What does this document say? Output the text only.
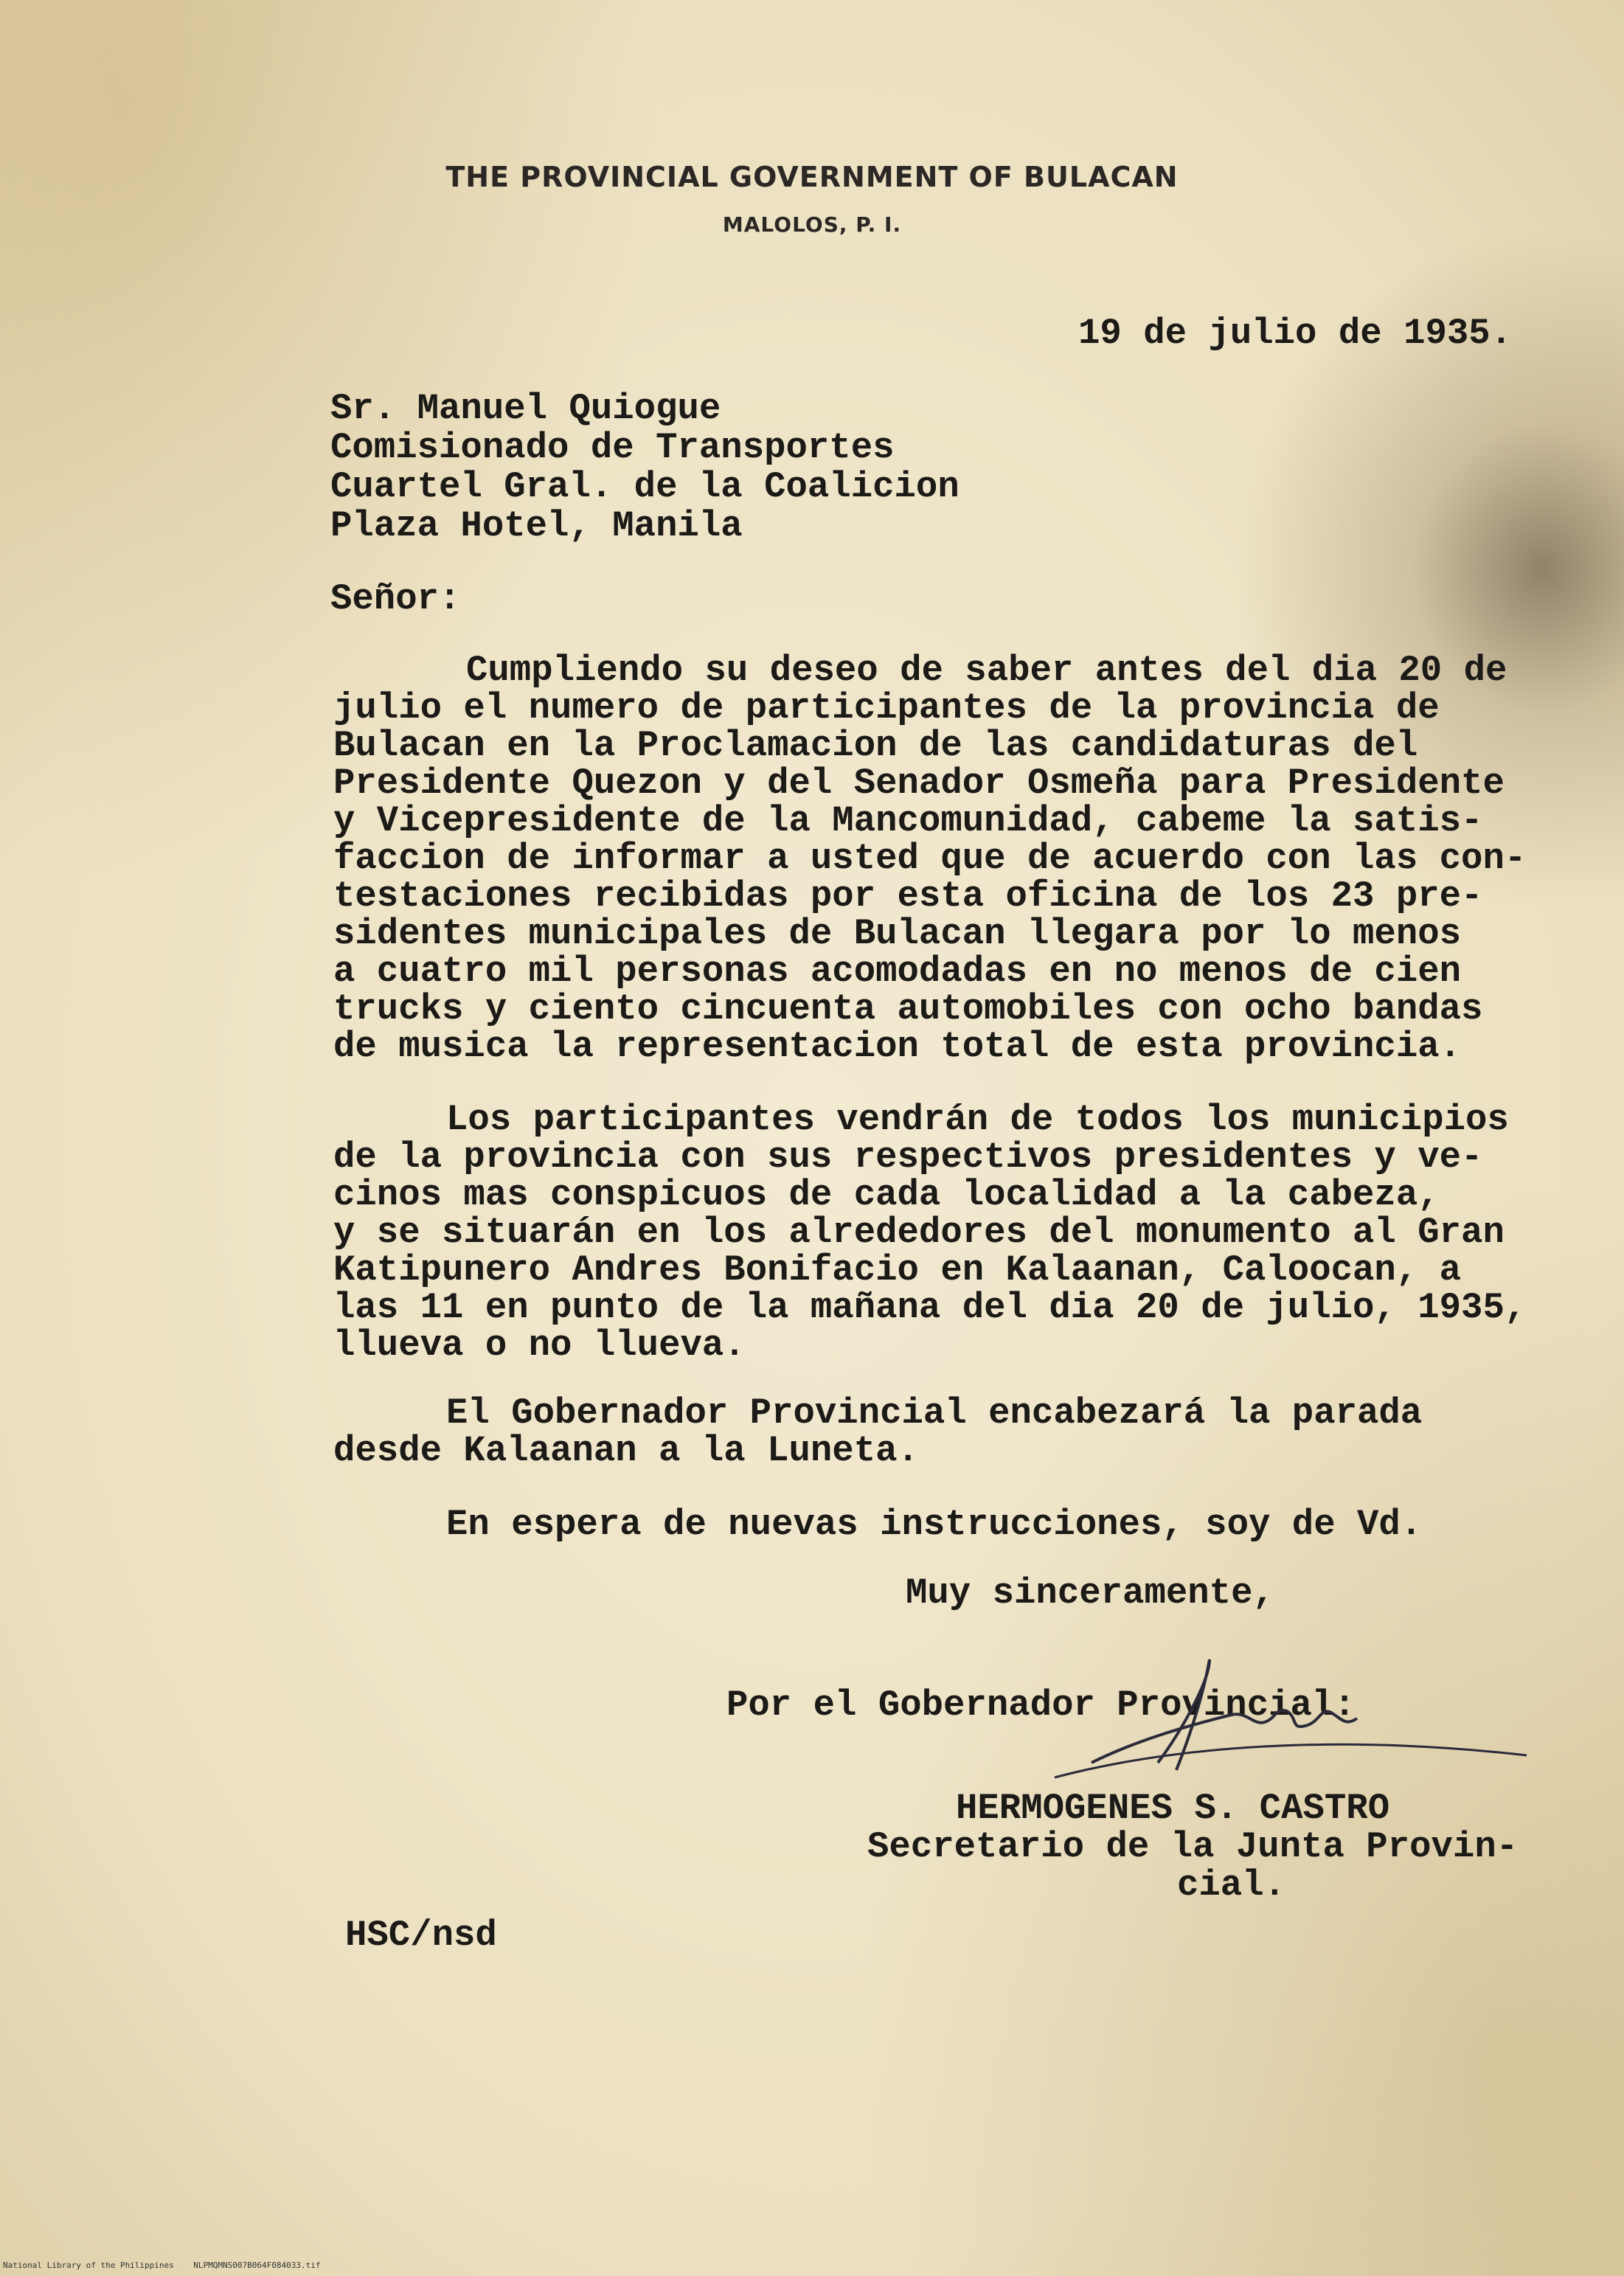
THE PROVINCIAL GOVERNMENT OF BULACAN
MALOLOS, P. I.
19 de julio de 1935.
Sr. Manuel Quiogue
Comisionado de Transportes
Cuartel Gral. de la Coalicion
Plaza Hotel, Manila
Señor:
Cumpliendo su deseo de saber antes del dia 20 de
julio el numero de participantes de la provincia de
Bulacan en la Proclamacion de las candidaturas del
Presidente Quezon y del Senador Osmeña para Presidente
y Vicepresidente de la Mancomunidad, cabeme la satis-
faccion de informar a usted que de acuerdo con las con-
testaciones recibidas por esta oficina de los 23 pre-
sidentes municipales de Bulacan llegara por lo menos
a cuatro mil personas acomodadas en no menos de cien
trucks y ciento cincuenta automobiles con ocho bandas
de musica la representacion total de esta provincia.
Los participantes vendrán de todos los municipios
de la provincia con sus respectivos presidentes y ve-
cinos mas conspicuos de cada localidad a la cabeza,
y se situarán en los alrededores del monumento al Gran
Katipunero Andres Bonifacio en Kalaanan, Caloocan, a
las 11 en punto de la mañana del dia 20 de julio, 1935,
llueva o no llueva.
El Gobernador Provincial encabezará la parada
desde Kalaanan a la Luneta.
En espera de nuevas instrucciones, soy de Vd.
Muy sinceramente,
Por el Gobernador Provincial:
HERMOGENES S. CASTRO
Secretario de la Junta Provin-
cial.
HSC/nsd
National Library of the Philippines    NLPMQMNS007B064F084033.tif
